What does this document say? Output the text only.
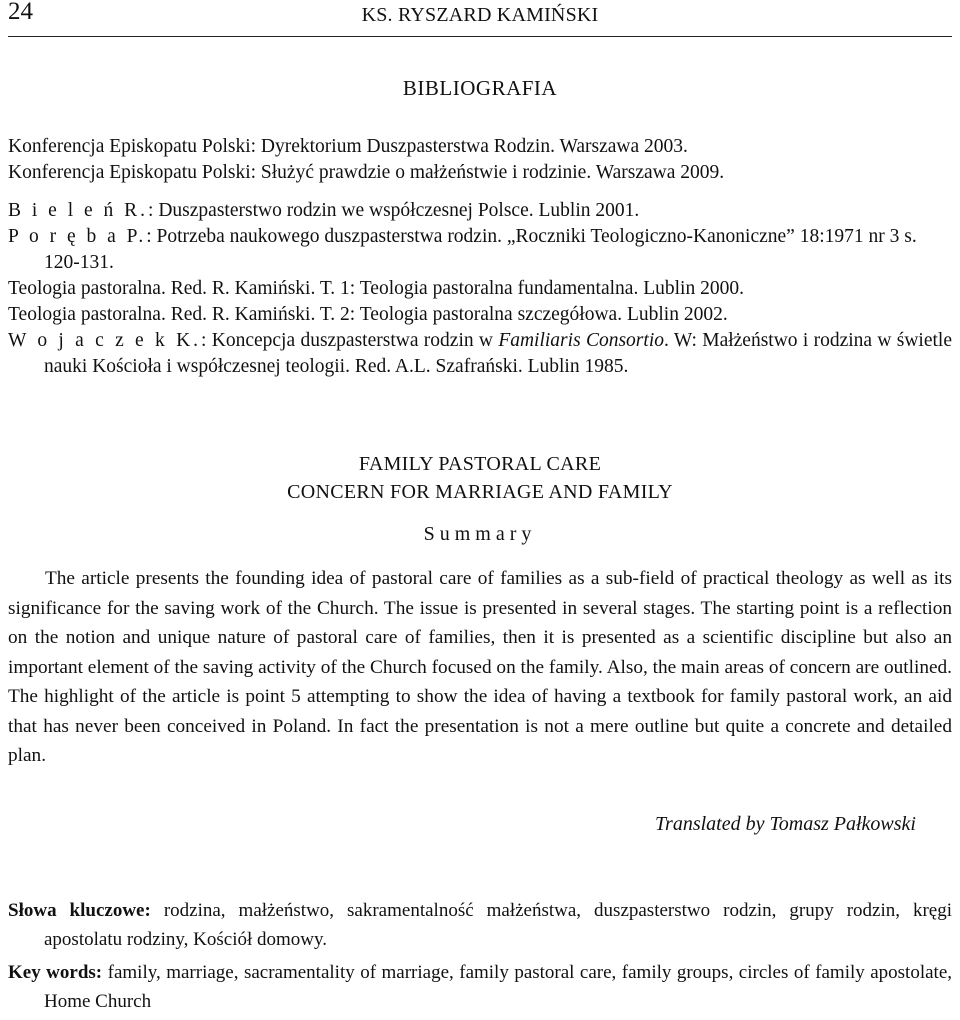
24	KS. RYSZARD KAMIŃSKI
BIBLIOGRAFIA

Konferencja Episkopatu Polski: Dyrektorium Duszpasterstwa Rodzin. Warszawa 2003.

Konferencja Episkopatu Polski: Służyć prawdzie o małżeństwie i rodzinie. Warszawa 2009.

B i e l e ń R.: Duszpasterstwo rodzin we współczesnej Polsce. Lublin 2001.

P o r ę b a P.: Potrzeba naukowego duszpasterstwa rodzin. „Roczniki Teologiczno-Kanoniczne” 18:1971 nr 3 s. 120-131.

Teologia pastoralna. Red. R. Kamiński. T. 1: Teologia pastoralna fundamentalna. Lublin 2000.

Teologia pastoralna. Red. R. Kamiński. T. 2: Teologia pastoralna szczegółowa. Lublin 2002.

W o j a c z e k K.: Koncepcja duszpasterstwa rodzin w Familiaris Consortio. W: Małżeństwo i rodzina w świetle nauki Kościoła i współczesnej teologii. Red. A.L. Szafrański. Lublin 1985.

FAMILY PASTORAL CARE
CONCERN FOR MARRIAGE AND FAMILY
Summary

The article presents the founding idea of pastoral care of families as a sub-field of practical theology as well as its significance for the saving work of the Church. The issue is presented in several stages. The starting point is a reflection on the notion and unique nature of pastoral care of families, then it is presented as a scientific discipline but also an important element of the saving activity of the Church focused on the family. Also, the main areas of concern are outlined. The highlight of the article is point 5 attempting to show the idea of having a textbook for family pastoral work, an aid that has never been conceived in Poland. In fact the presentation is not a mere outline but quite a concrete and detailed plan.

Translated by Tomasz Pałkowski

Słowa kluczowe: rodzina, małżeństwo, sakramentalność małżeństwa, duszpasterstwo rodzin, grupy rodzin, kręgi apostolatu rodziny, Kościół domowy.

Key words: family, marriage, sacramentality of marriage, family pastoral care, family groups, circles of family apostolate, Home Church
